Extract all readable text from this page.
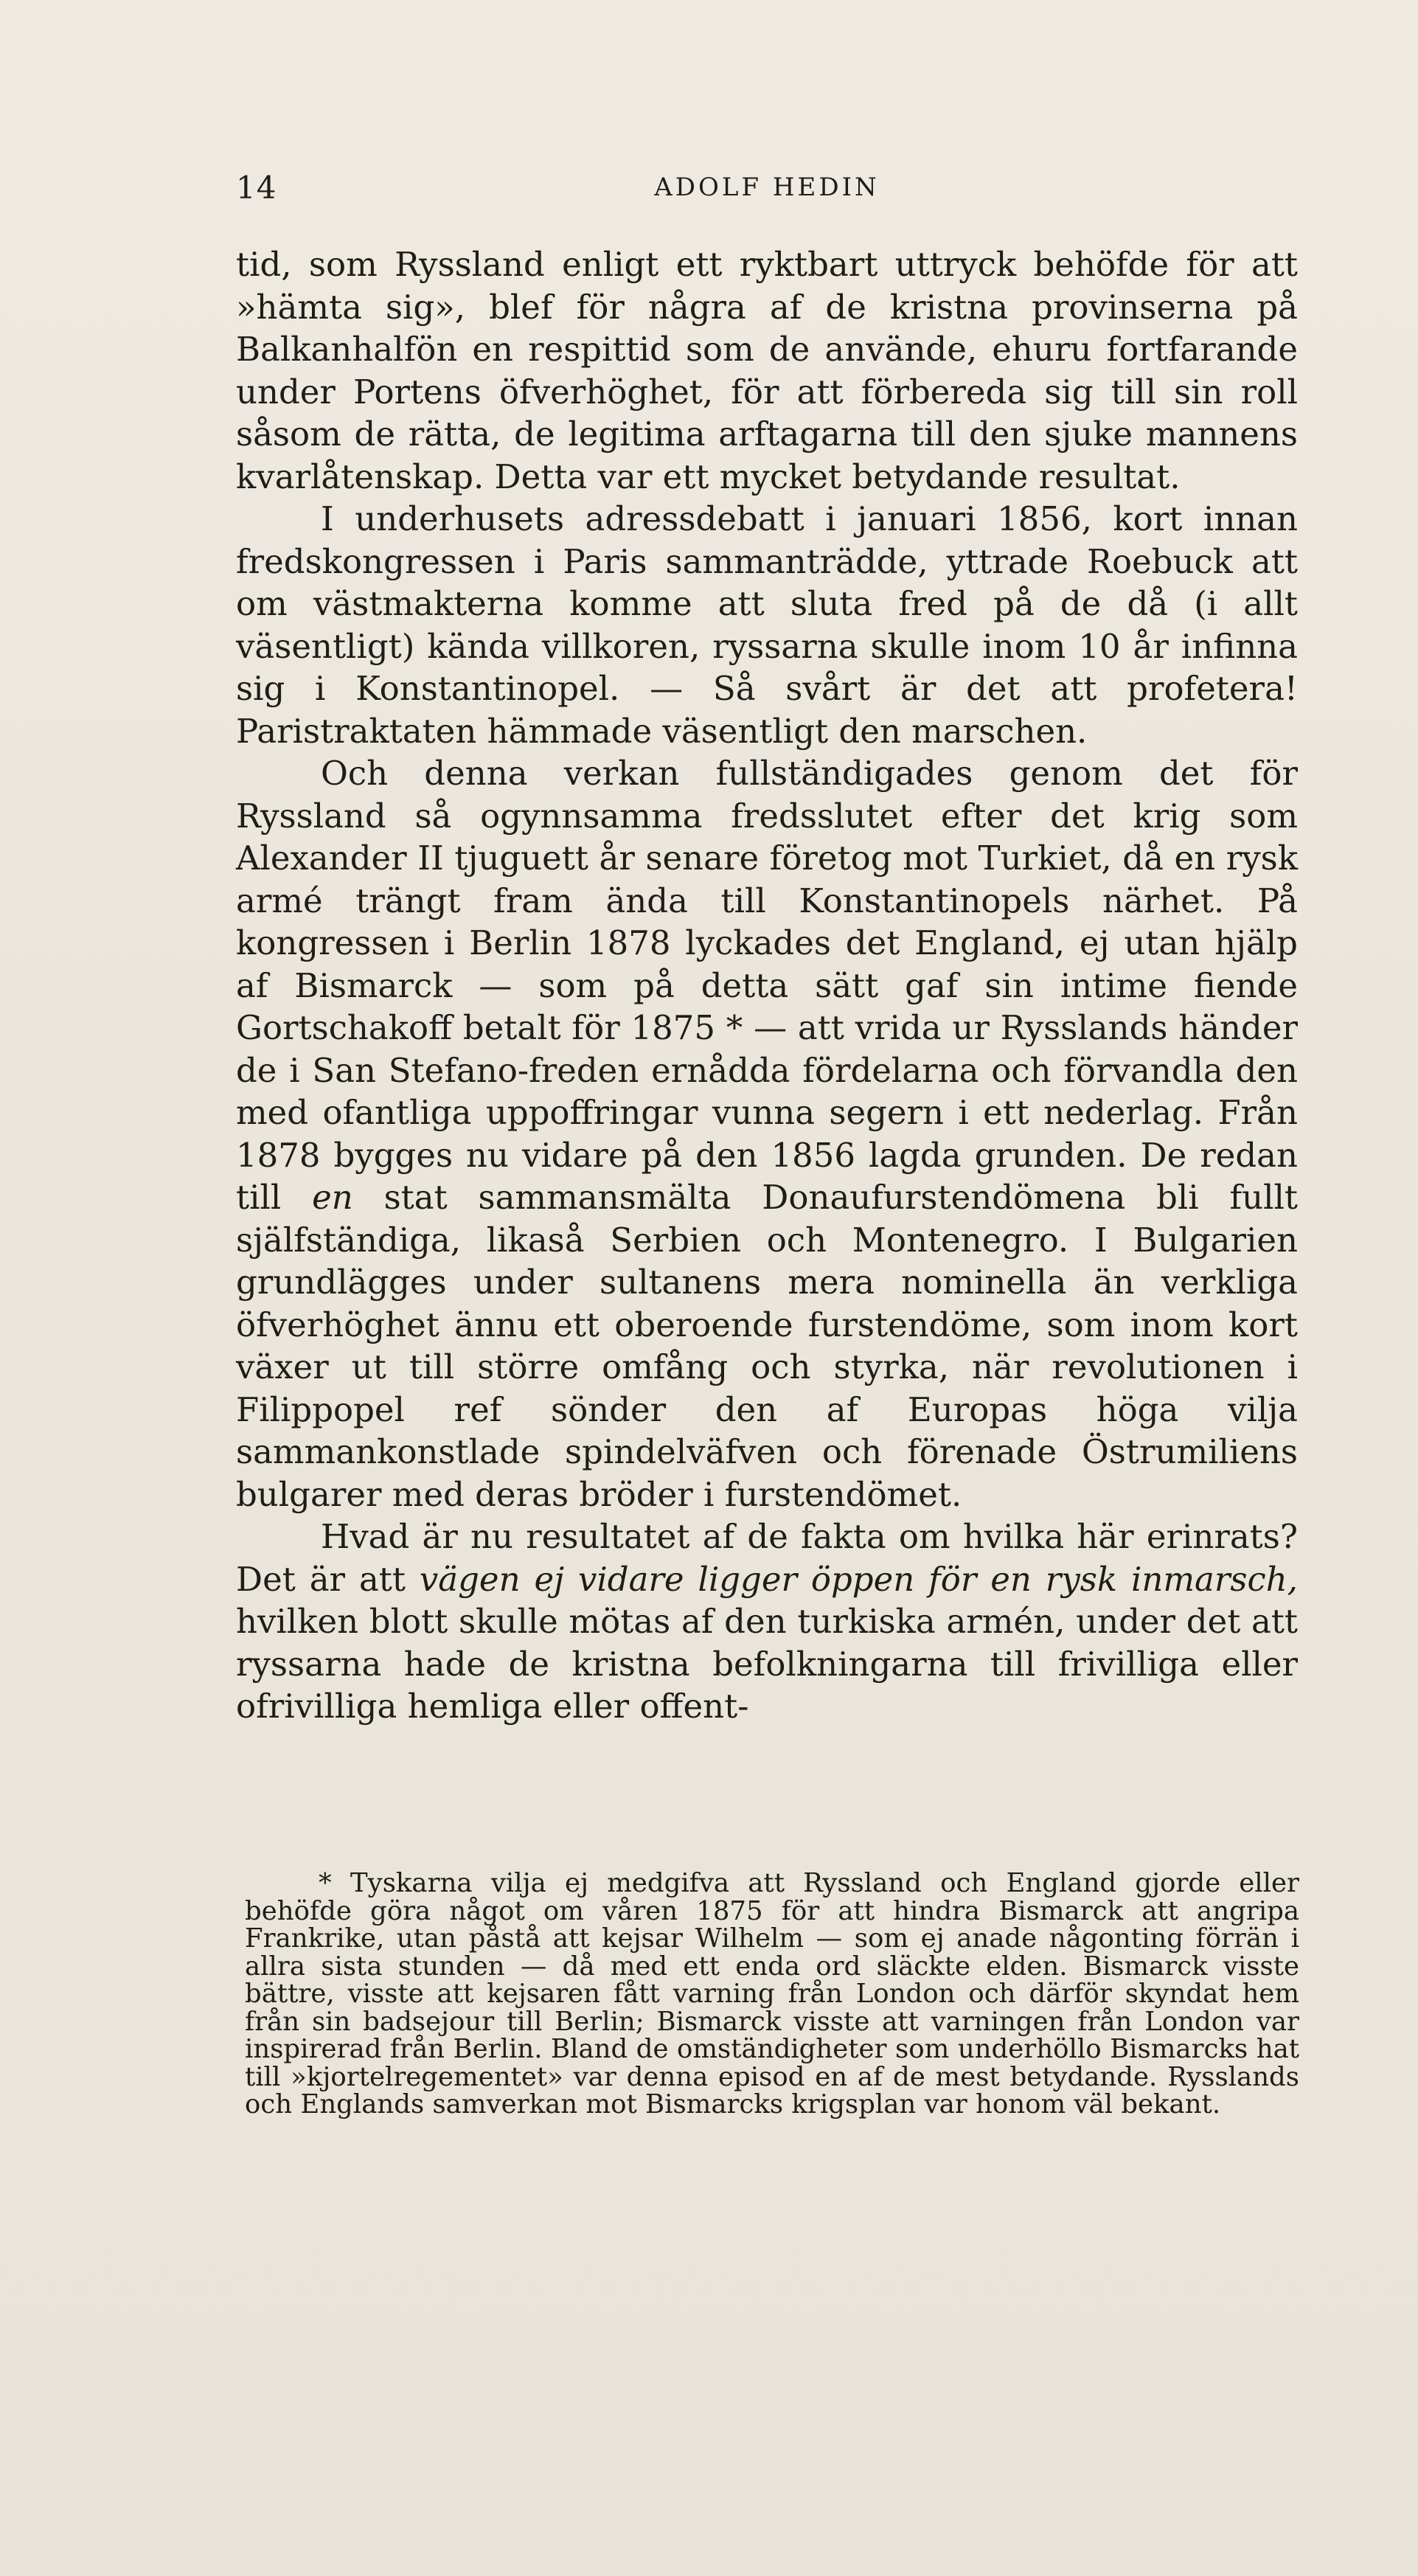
14	ADOLF HEDIN

tid, som Ryssland enligt ett ryktbart uttryck behöfde för att »hämta sig», blef för några af de kristna provinserna på Balkanhalfön en respittid som de använde, ehuru fortfarande under Portens öfverhöghet, för att förbereda sig till sin roll såsom de rätta, de legitima arftagarna till den sjuke mannens kvarlåtenskap. Detta var ett mycket betydande resultat.

I underhusets adressdebatt i januari 1856, kort innan fredskongressen i Paris sammanträdde, yttrade Roebuck att om västmakterna komme att sluta fred på de då (i allt väsentligt) kända villkoren, ryssarna skulle inom 10 år infinna sig i Konstantinopel. — Så svårt är det att profetera! Paristraktaten hämmade väsentligt den marschen.

Och denna verkan fullständigades genom det för Ryssland så ogynnsamma fredsslutet efter det krig som Alexander II tjuguett år senare företog mot Turkiet, då en rysk armé trängt fram ända till Konstantinopels närhet. På kongressen i Berlin 1878 lyckades det England, ej utan hjälp af Bismarck — som på detta sätt gaf sin intime fiende Gortschakoff betalt för 1875 * — att vrida ur Rysslands händer de i San Stefano-freden ernådda fördelarna och förvandla den med ofantliga uppoffringar vunna segern i ett nederlag. Från 1878 bygges nu vidare på den 1856 lagda grunden. De redan till en stat sammansmälta Donaufurstendömena bli fullt själfständiga, likaså Serbien och Montenegro. I Bulgarien grundlägges under sultanens mera nominella än verkliga öfverhöghet ännu ett oberoende furstendöme, som inom kort växer ut till större omfång och styrka, när revolutionen i Filippopel ref sönder den af Europas höga vilja sammankonstlade spindelväfven och förenade Östrumiliens bulgarer med deras bröder i furstendömet.

Hvad är nu resultatet af de fakta om hvilka här erinrats? Det är att vägen ej vidare ligger öppen för en rysk inmarsch, hvilken blott skulle mötas af den turkiska armén, under det att ryssarna hade de kristna befolkningarna till frivilliga eller ofrivilliga hemliga eller offent-

* Tyskarna vilja ej medgifva att Ryssland och England gjorde eller behöfde göra något om våren 1875 för att hindra Bismarck att angripa Frankrike, utan påstå att kejsar Wilhelm — som ej anade någonting förrän i allra sista stunden — då med ett enda ord släckte elden. Bismarck visste bättre, visste att kejsaren fått varning från London och därför skyndat hem från sin badsejour till Berlin; Bismarck visste att varningen från London var inspirerad från Berlin. Bland de omständigheter som underhöllo Bismarcks hat till »kjortelregementet» var denna episod en af de mest betydande. Rysslands och Englands samverkan mot Bismarcks krigsplan var honom väl bekant.
